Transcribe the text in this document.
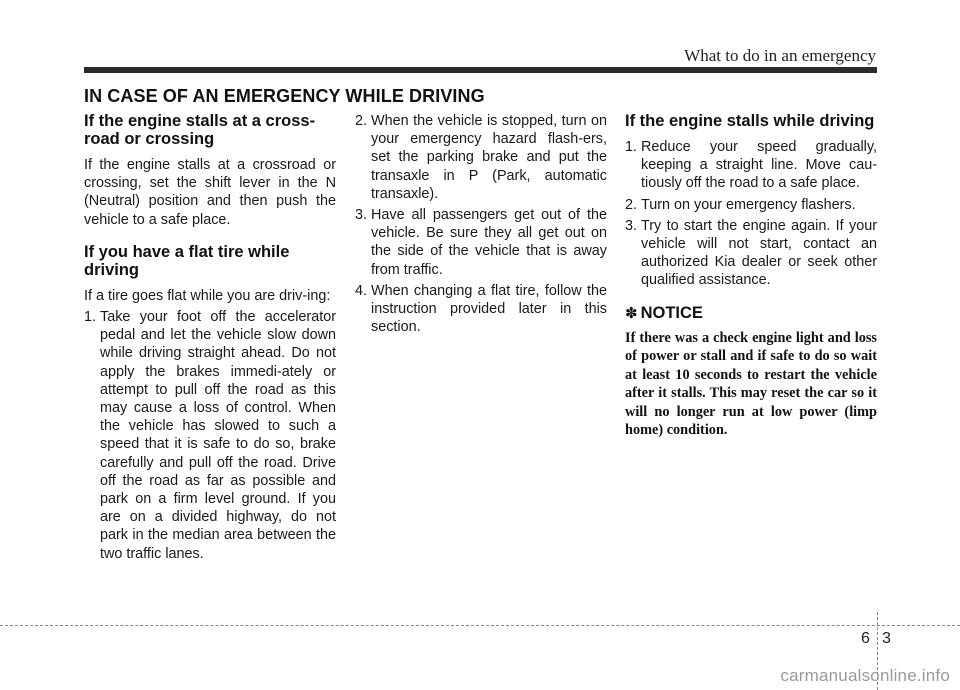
What to do in an emergency
IN CASE OF AN EMERGENCY WHILE DRIVING
If the engine stalls at a cross-road or crossing

If the engine stalls at a crossroad or crossing, set the shift lever in the N (Neutral) position and then push the vehicle to a safe place.

If you have a flat tire while driving

If a tire goes flat while you are driv-ing:

1. Take your foot off the accelerator pedal and let the vehicle slow down while driving straight ahead. Do not apply the brakes immedi-ately or attempt to pull off the road as this may cause a loss of control. When the vehicle has slowed to such a speed that it is safe to do so, brake carefully and pull off the road. Drive off the road as far as possible and park on a firm level ground. If you are on a divided highway, do not park in the median area between the two traffic lanes.
2. When the vehicle is stopped, turn on your emergency hazard flash-ers, set the parking brake and put the transaxle in P (Park, automatic transaxle).
3. Have all passengers get out of the vehicle. Be sure they all get out on the side of the vehicle that is away from traffic.
4. When changing a flat tire, follow the instruction provided later in this section.
If the engine stalls while driving
1. Reduce your speed gradually, keeping a straight line. Move cau-tiously off the road to a safe place.
2. Turn on your emergency flashers.
3. Try to start the engine again. If your vehicle will not start, contact an authorized Kia dealer or seek other qualified assistance.
✽ NOTICE

If there was a check engine light and loss of power or stall and if safe to do so wait at least 10 seconds to restart the vehicle after it stalls. This may reset the car so it will no longer run at low power (limp home) condition.

6 3
carmanualsonline.info
